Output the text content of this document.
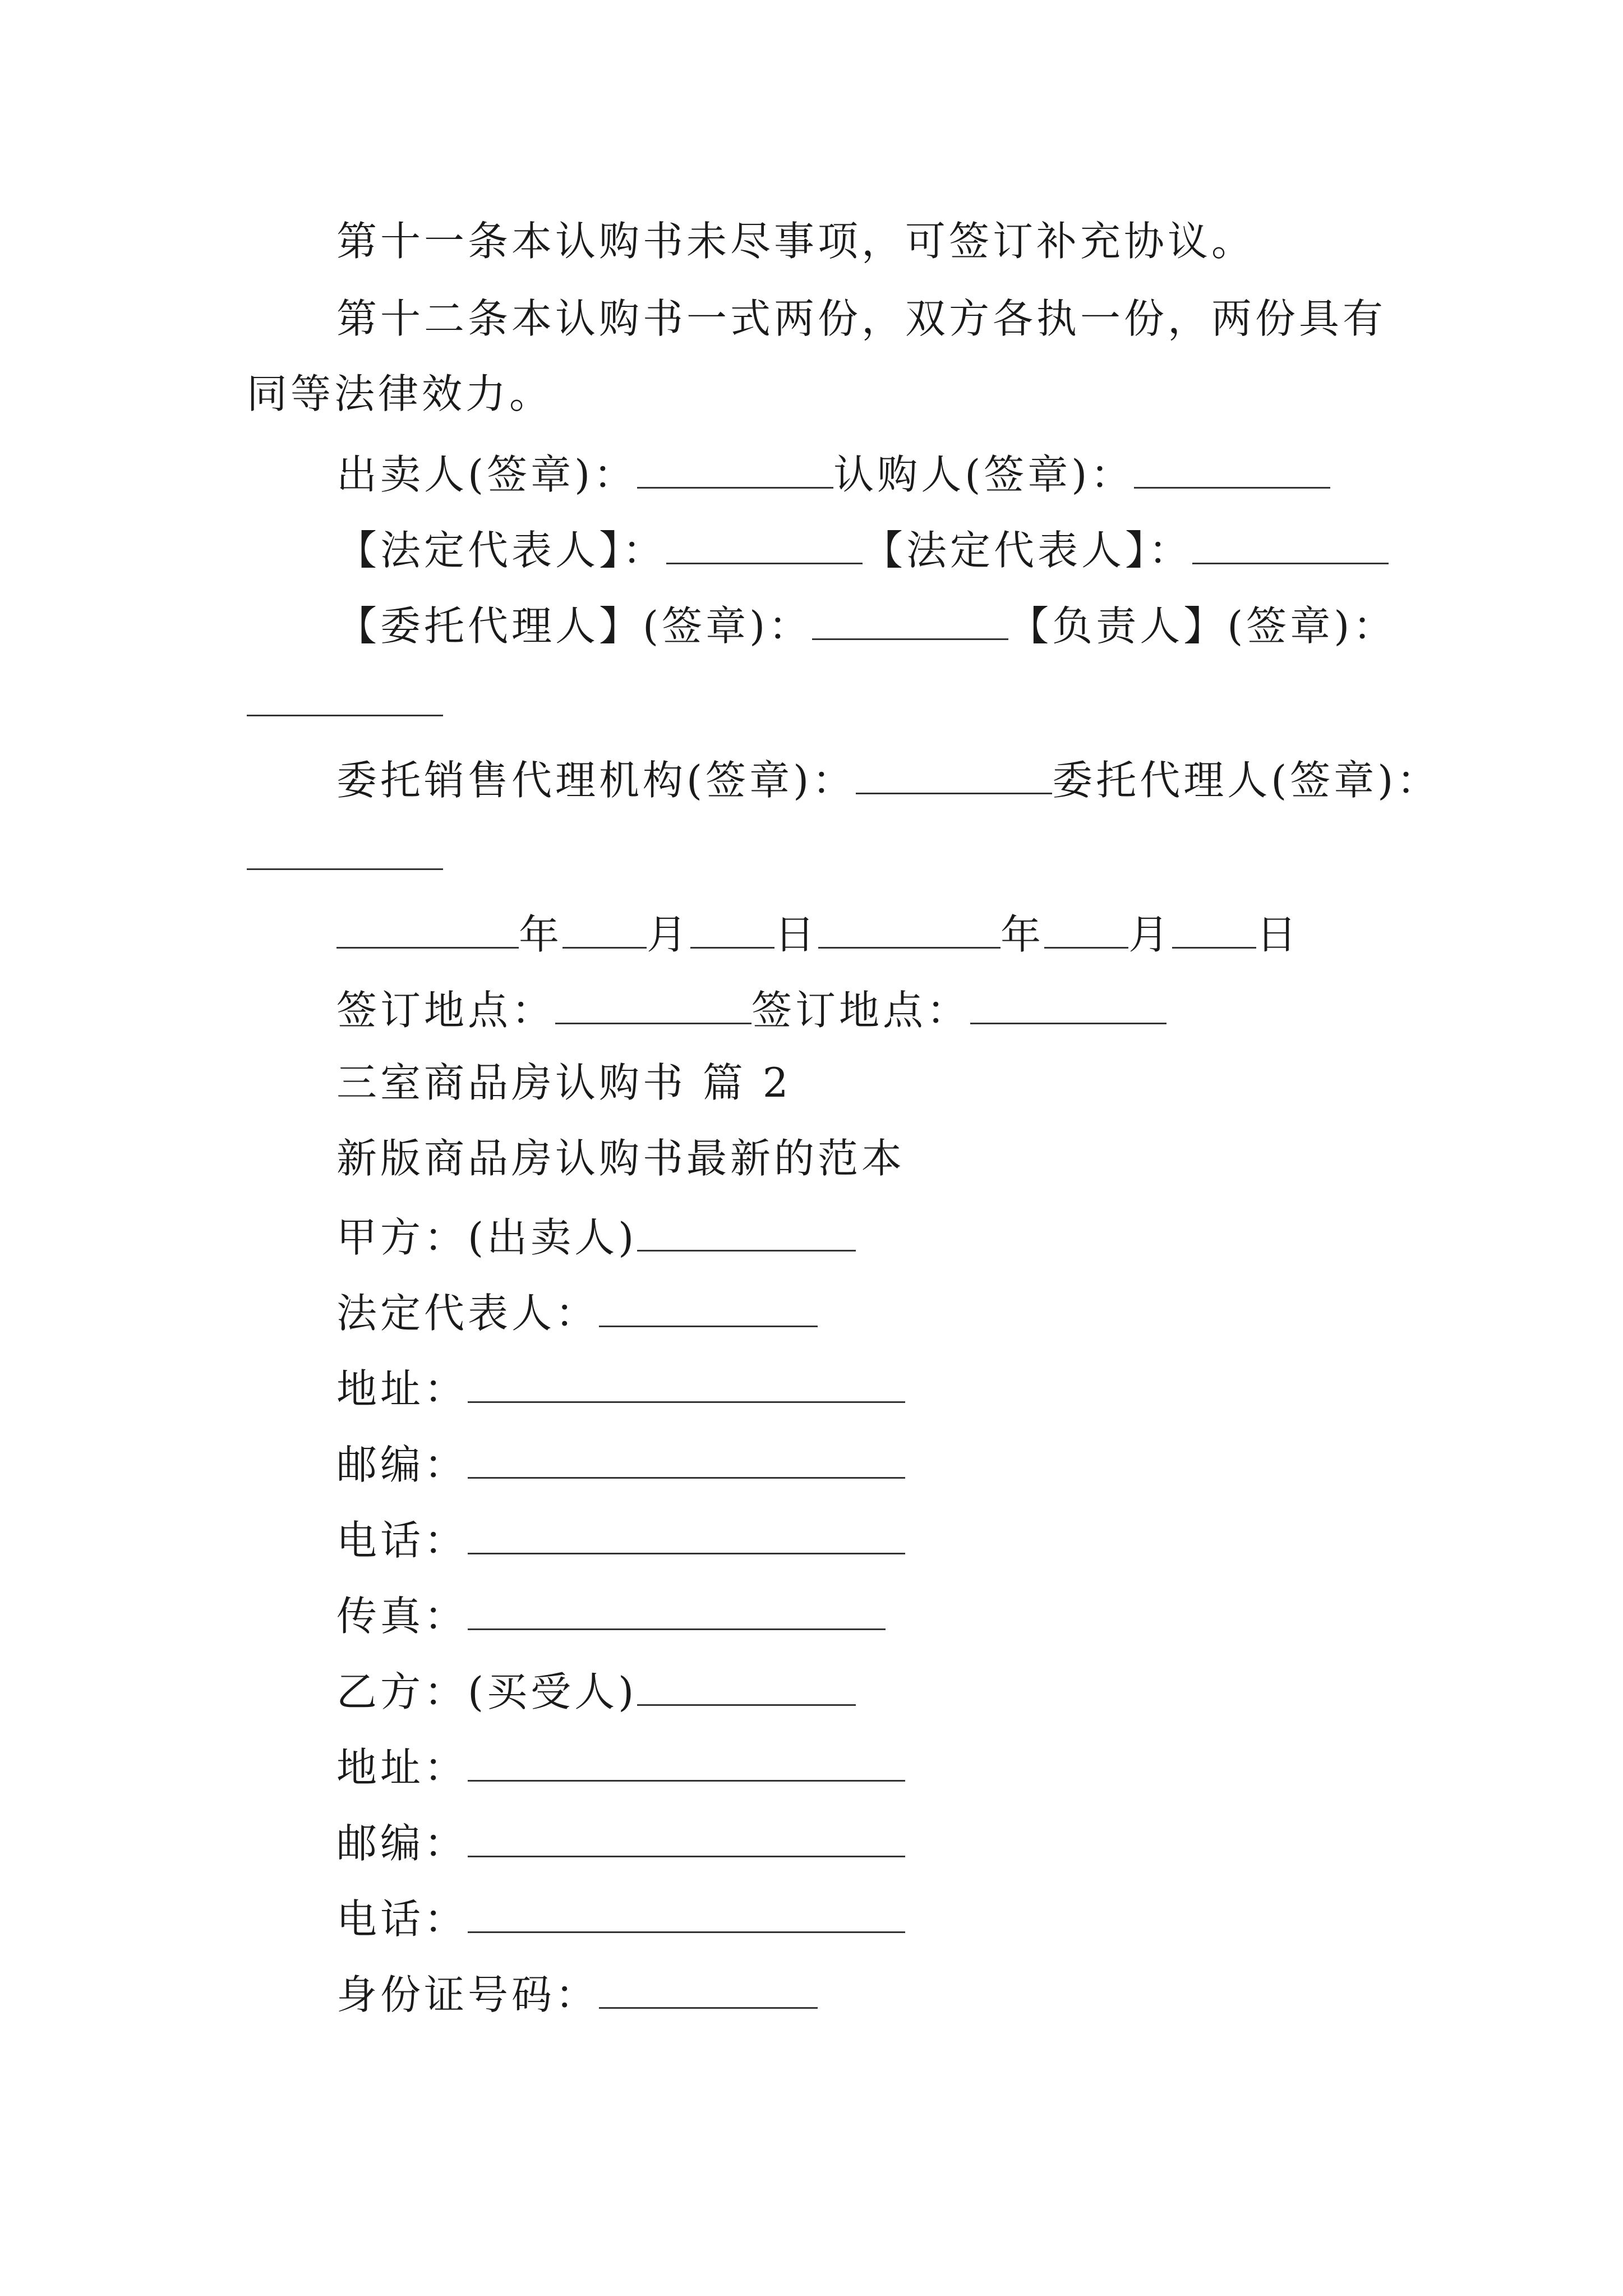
第十一条本认购书未尽事项，可签订补充协议。
第十二条本认购书一式两份，双方各执一份，两份具有
同等法律效力。
出卖人(签章)：	认购人(签章)：
【法定代表人】：	【法定代表人】：
【委托代理人】(签章)：	【负责人】(签章)：
委托销售代理机构(签章)：	委托代理人(签章)：
年 月 日	年 月 日
签订地点：	签订地点：
三室商品房认购书 篇 2
新版商品房认购书最新的范本
甲方：(出卖人)
法定代表人：
地址：
邮编：
电话：
传真：
乙方：(买受人)
地址：
邮编：
电话：
身份证号码：
